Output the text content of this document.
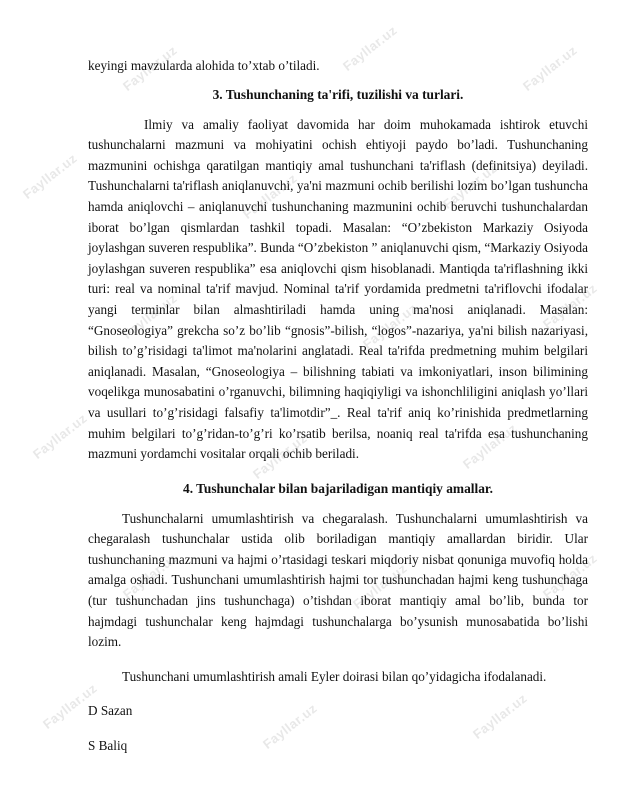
Fayllar.uz	Fayllar.uz	Fayllar.uz
Fayllar.uz	Fayllar.uz	Fayllar.uz
Fayllar.uz	Fayllar.uz	Fayllar.uz
Fayllar.uz	Fayllar.uz	Fayllar.uz
Fayllar.uz	Fayllar.uz	Fayllar.uz
Fayllar.uz	Fayllar.uz	Fayllar.uz

keyingi mavzularda alohida to’xtab o’tiladi.

3. Tushunchaning ta'rifi, tuzilishi va turlari.

Ilmiy va amaliy faoliyat davomida har doim muhokamada ishtirok etuvchi tushunchalarni mazmuni va mohiyatini ochish ehtiyoji paydo bo’ladi. Tushunchaning mazmunini ochishga qaratilgan mantiqiy amal tushunchani ta'riflash (definitsiya) deyiladi. Tushunchalarni ta'riflash aniqlanuvchi, ya'ni mazmuni ochib berilishi lozim bo’lgan tushuncha hamda aniqlovchi – aniqlanuvchi tushunchaning mazmunini ochib beruvchi tushunchalardan iborat bo’lgan qismlardan tashkil topadi. Masalan: “O’zbekiston Markaziy Osiyoda joylashgan suveren respublika”. Bunda “O’zbekiston ” aniqlanuvchi qism, “Markaziy Osiyoda joylashgan suveren respublika” esa aniqlovchi qism hisoblanadi. Mantiqda ta'riflashning ikki turi: real va nominal ta'rif mavjud. Nominal ta'rif yordamida predmetni ta'riflovchi ifodalar yangi terminlar bilan almashtiriladi hamda uning ma'nosi aniqlanadi. Masalan: “Gnoseologiya” grekcha so’z bo’lib “gnosis”-bilish, “logos”-nazariya, ya'ni bilish nazariyasi, bilish to’g’risidagi ta'limot ma'nolarini anglatadi. Real ta'rifda predmetning muhim belgilari aniqlanadi. Masalan, “Gnoseologiya – bilishning tabiati va imkoniyatlari, inson bilimining voqelikga munosabatini o’rganuvchi, bilimning haqiqiyligi va ishonchliligini aniqlash yo’llari va usullari to’g’risidagi falsafiy ta'limotdir”_. Real ta'rif aniq ko’rinishida predmetlarning muhim belgilari to’g’ridan-to’g’ri ko’rsatib berilsa, noaniq real ta'rifda esa tushunchaning mazmuni yordamchi vositalar orqali ochib beriladi.

4. Tushunchalar bilan bajariladigan mantiqiy amallar.

Tushunchalarni umumlashtirish va chegaralash. Tushunchalarni umumlashtirish va chegaralash tushunchalar ustida olib boriladigan mantiqiy amallardan biridir. Ular tushunchaning mazmuni va hajmi o’rtasidagi teskari miqdoriy nisbat qonuniga muvofiq holda amalga oshadi. Tushunchani umumlashtirish hajmi tor tushunchadan hajmi keng tushunchaga (tur tushunchadan jins tushunchaga) o’tishdan iborat mantiqiy amal bo’lib, bunda tor hajmdagi tushunchalar keng hajmdagi tushunchalarga bo’ysunish munosabatida bo’lishi lozim.

Tushunchani umumlashtirish amali Eyler doirasi bilan qo’yidagicha ifodalanadi.

D Sazan

S Baliq
